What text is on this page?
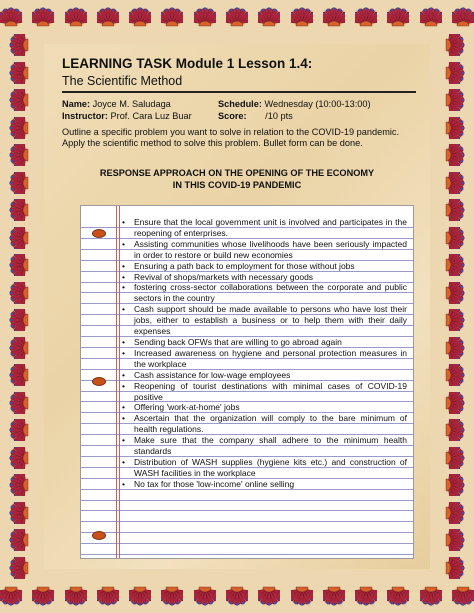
LEARNING TASK Module 1 Lesson 1.4:
The Scientific Method
Name: Joyce M. Saludaga
Instructor: Prof. Cara Luz Buar
Schedule: Wednesday (10:00-13:00)
Score: /10 pts
Outline a specific problem you want to solve in relation to the COVID-19 pandemic. Apply the scientific method to solve this problem. Bullet form can be done.
RESPONSE APPROACH ON THE OPENING OF THE ECONOMY
IN THIS COVID-19 PANDEMIC
• Ensure that the local government unit is involved and participates in the reopening of enterprises.
• Assisting communities whose livelihoods have been seriously impacted in order to restore or build new economies
• Ensuring a path back to employment for those without jobs
• Revival of shops/markets with necessary goods
• fostering cross-sector collaborations between the corporate and public sectors in the country
• Cash support should be made available to persons who have lost their jobs, either to establish a business or to help them with their daily expenses
• Sending back OFWs that are willing to go abroad again
• Increased awareness on hygiene and personal protection measures in the workplace
• Cash assistance for low-wage employees
• Reopening of tourist destinations with minimal cases of COVID-19 positive
• Offering 'work-at-home' jobs
• Ascertain that the organization will comply to the bare minimum of health regulations.
• Make sure that the company shall adhere to the minimum health standards
• Distribution of WASH supplies (hygiene kits etc.) and construction of WASH facilities in the workplace
• No tax for those 'low-income' online selling
